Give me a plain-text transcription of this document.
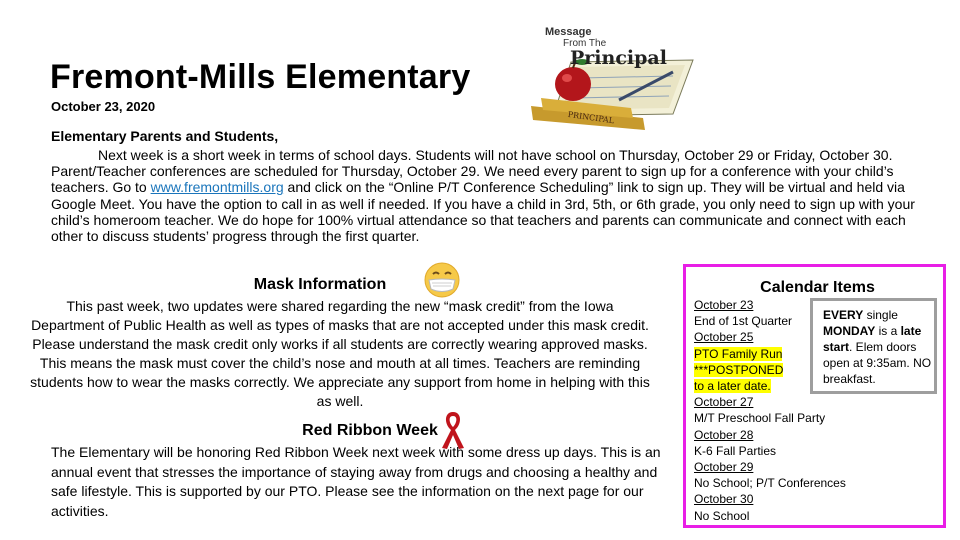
Fremont-Mills Elementary
October 23, 2020
PRINCIPAL
Message
From The
Principal
Elementary Parents and Students,
Next week is a short week in terms of school days. Students will not have school on Thursday, October 29 or Friday, October 30. Parent/Teacher conferences are scheduled for Thursday, October 29. We need every parent to sign up for a conference with your child’s teachers. Go to www.fremontmills.org and click on the “Online P/T Conference Scheduling” link to sign up. They will be virtual and held via Google Meet. You have the option to call in as well if needed. If you have a child in 3rd, 5th, or 6th grade, you only need to sign up with your child’s homeroom teacher. We do hope for 100% virtual attendance so that teachers and parents can communicate and connect with each other to discuss students’ progress through the first quarter.
Mask Information
This past week, two updates were shared regarding the new “mask credit” from the Iowa Department of Public Health as well as types of masks that are not accepted under this mask credit. Please understand the mask credit only works if all students are correctly wearing approved masks. This means the mask must cover the child’s nose and mouth at all times. Teachers are reminding students how to wear the masks correctly. We appreciate any support from home in helping with this as well.
Red Ribbon Week
The Elementary will be honoring Red Ribbon Week next week with some dress up days. This is an annual event that stresses the importance of staying away from drugs and choosing a healthy and safe lifestyle. This is supported by our PTO. Please see the information on the next page for our activities.
Calendar Items
October 23
End of 1st Quarter
October 25
PTO Family Run
***POSTPONED
to a later date.
October 27
M/T Preschool Fall Party
October 28
K-6 Fall Parties
October 29
No School; P/T Conferences
October 30
No School
EVERY single MONDAY is a late start. Elem doors open at 9:35am. NO breakfast.
